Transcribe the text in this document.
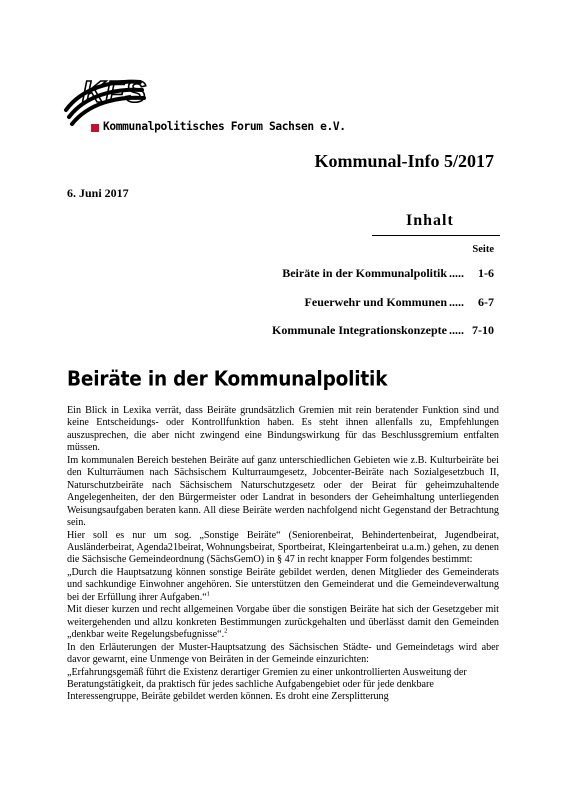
KFS
Kommunalpolitisches Forum Sachsen e.V.
Kommunal-Info 5/2017
6. Juni 2017
Inhalt
Seite
Beiräte in der Kommunalpolitik .....	1-6
Feuerwehr und Kommunen .....	6-7
Kommunale Integrationskonzepte ..... 7-10
Beiräte in der Kommunalpolitik

Ein Blick in Lexika verrät, dass Beiräte grundsätzlich Gremien mit rein beratender Funktion sind und keine Entscheidungs- oder Kontrollfunktion haben. Es steht ihnen allenfalls zu, Empfehlungen auszusprechen, die aber nicht zwingend eine Bindungswirkung für das Beschlussgremium entfalten müssen.

Im kommunalen Bereich bestehen Beiräte auf ganz unterschiedlichen Gebieten wie z.B. Kulturbeiräte bei den Kulturräumen nach Sächsischem Kulturraumgesetz, Jobcenter-Beiräte nach Sozialgesetzbuch II, Naturschutzbeiräte nach Sächsischem Naturschutzgesetz oder der Beirat für geheimzuhaltende Angelegenheiten, der den Bürgermeister oder Landrat in besonders der Geheimhaltung unterliegenden Weisungsaufgaben beraten kann. All diese Beiräte werden nachfolgend nicht Gegenstand der Betrachtung sein.

Hier soll es nur um sog. „Sonstige Beiräte“ (Seniorenbeirat, Behindertenbeirat, Jugendbeirat, Ausländerbeirat, Agenda21beirat, Wohnungsbeirat, Sportbeirat, Kleingartenbeirat u.a.m.) gehen, zu denen die Sächsische Gemeindeordnung (SächsGemO) in § 47 in recht knapper Form folgendes bestimmt:

„Durch die Hauptsatzung können sonstige Beiräte gebildet werden, denen Mitglieder des Gemeinderats und sachkundige Einwohner angehören. Sie unterstützen den Gemeinderat und die Gemeindeverwaltung bei der Erfüllung ihrer Aufgaben.“$^1$

Mit dieser kurzen und recht allgemeinen Vorgabe über die sonstigen Beiräte hat sich der Gesetzgeber mit weitergehenden und allzu konkreten Bestimmungen zurückgehalten und überlässt damit den Gemeinden „denkbar weite Regelungsbefugnisse“.$^2$

In den Erläuterungen der Muster-Hauptsatzung des Sächsischen Städte- und Gemeindetags wird aber davor gewarnt, eine Unmenge von Beiräten in der Gemeinde einzurichten:

„Erfahrungsgemäß führt die Existenz derartiger Gremien zu einer unkontrollierten Ausweitung der Beratungstätigkeit, da praktisch für jedes sachliche Aufgabengebiet oder für jede denkbare Interessengruppe, Beiräte gebildet werden können. Es droht eine Zersplitterung
